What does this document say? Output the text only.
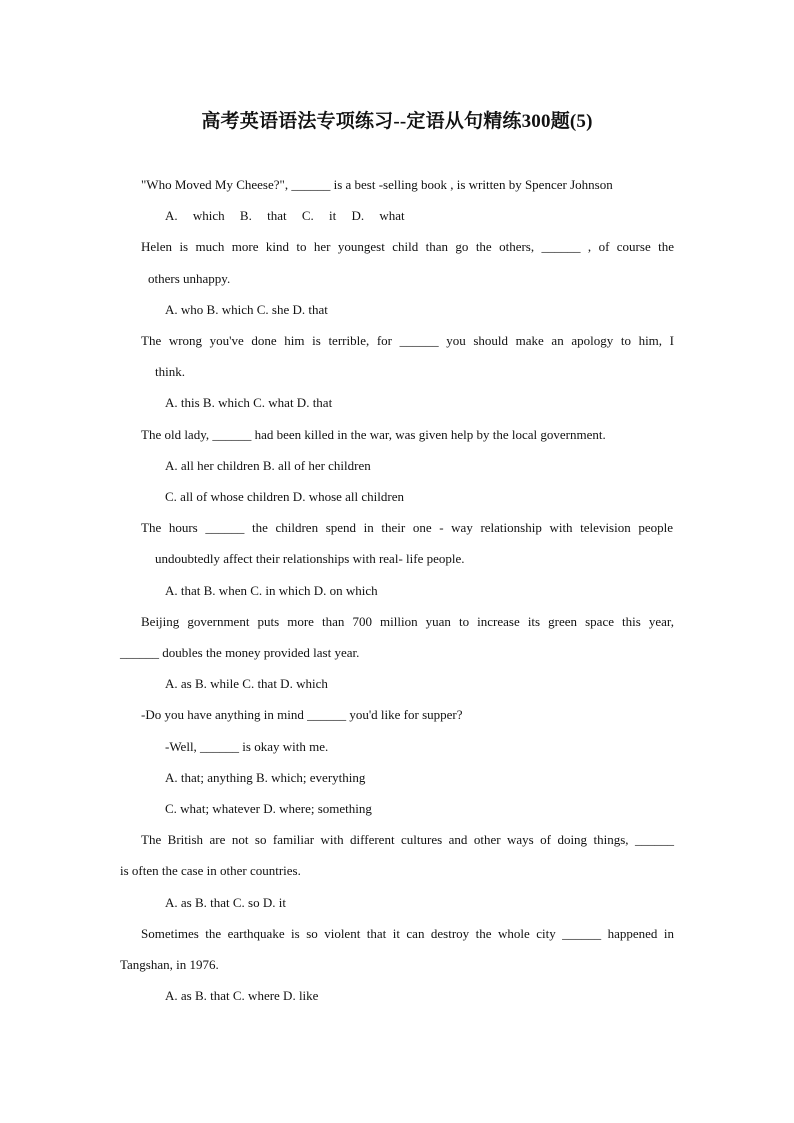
高考英语语法专项练习--定语从句精练300题(5)
"Who Moved My Cheese?", ______ is a best -selling book , is written by Spencer Johnson
A. which B. that C. it D. what
Helen is much more kind to her youngest child than go the others, ______ , of course the
others unhappy.
A. who B. which C. she D. that
The wrong you've done him is terrible, for ______ you should make an apology to him, I
think.
A. this B. which C. what D. that
The old lady, ______ had been killed in the war, was given help by the local government.
A. all her children B. all of her children
C. all of whose children D. whose all children
The hours ______ the children spend in their one - way relationship with television people
undoubtedly affect their relationships with real- life people.
A. that B. when C. in which D. on which
Beijing government puts more than 700 million yuan to increase its green space this year,
______ doubles the money provided last year.
A. as B. while C. that D. which
-Do you have anything in mind ______ you'd like for supper?
-Well, ______ is okay with me.
A. that; anything B. which; everything
C. what; whatever D. where; something
The British are not so familiar with different cultures and other ways of doing things, ______
is often the case in other countries.
A. as B. that C. so D. it
Sometimes the earthquake is so violent that it can destroy the whole city ______ happened in
Tangshan, in 1976.
A. as B. that C. where D. like
